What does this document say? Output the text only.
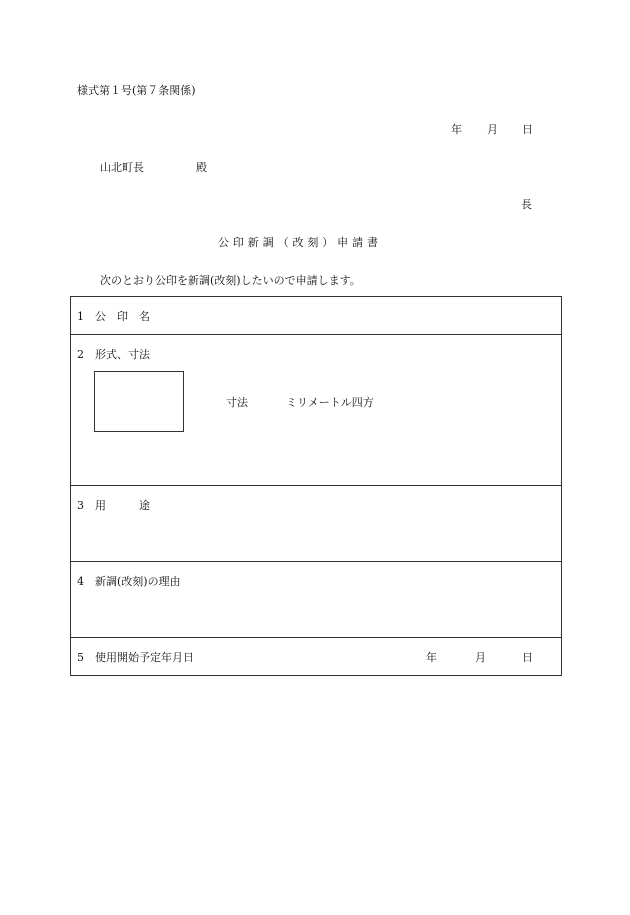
様式第１号(第７条関係)
年 月 日
山北町長	殿
長
公 印 新 調 （ 改 刻 ） 申 請 書
次のとおり公印を新調(改刻)したいので申請します。
1 公　印　名

2 形式、寸法
寸法	ミリメートル四方

3 用　　　途

4 新調(改刻)の理由

5 使用開始予定年月日	年	月	日
